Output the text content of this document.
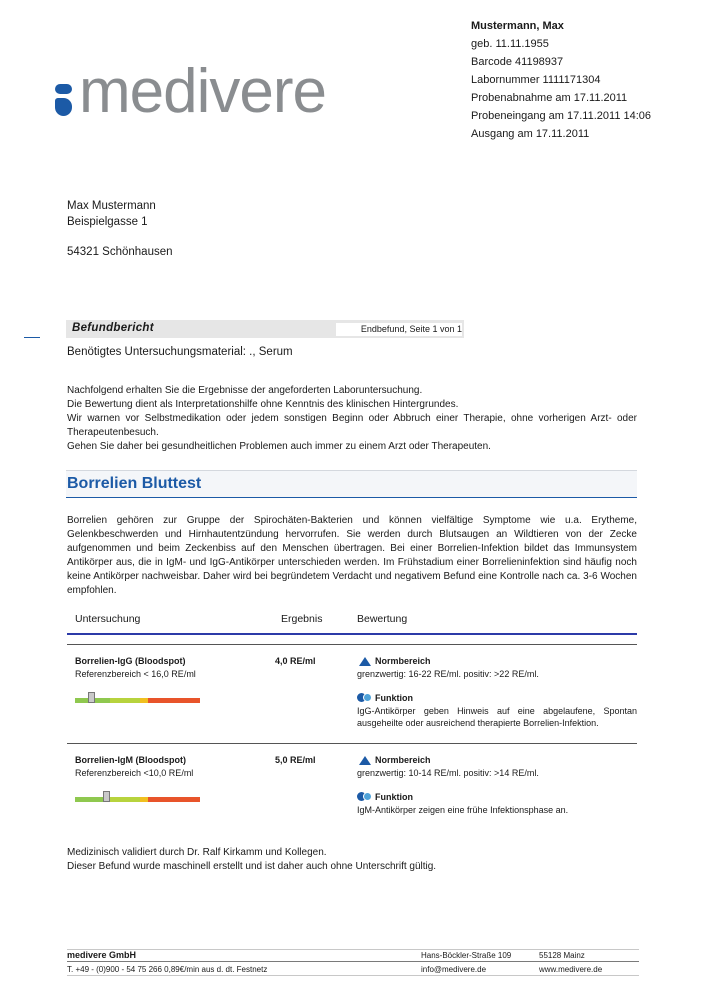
Mustermann, Max
geb. 11.11.1955
Barcode 41198937
Labornummer 1111171304
Probenabnahme am 17.11.2011
Probeneingang am 17.11.2011 14:06
Ausgang am 17.11.2011
medivere
Max Mustermann
Beispielgasse 1
54321 Schönhausen
Befundbericht	Endbefund, Seite 1 von 1
Benötigtes Untersuchungsmaterial: ., Serum
Nachfolgend erhalten Sie die Ergebnisse der angeforderten Laboruntersuchung.
Die Bewertung dient als Interpretationshilfe ohne Kenntnis des klinischen Hintergrundes.
Wir warnen vor Selbstmedikation oder jedem sonstigen Beginn oder Abbruch einer Therapie, ohne vorherigen Arzt- oder Therapeutenbesuch.
Gehen Sie daher bei gesundheitlichen Problemen auch immer zu einem Arzt oder Therapeuten.
Borrelien Bluttest
Borrelien gehören zur Gruppe der Spirochäten-Bakterien und können vielfältige Symptome wie u.a. Erytheme, Gelenkbeschwerden und Hirnhautentzündung hervorrufen. Sie werden durch Blutsaugen an Wildtieren von der Zecke aufgenommen und beim Zeckenbiss auf den Menschen übertragen. Bei einer Borrelien-Infektion bildet das Immunsystem Antikörper aus, die in IgM- und IgG-Antikörper unterschieden werden. Im Frühstadium einer Borrelieninfektion sind häufig noch keine Antikörper nachweisbar. Daher wird bei begründetem Verdacht und negativem Befund eine Kontrolle nach ca. 3-6 Wochen empfohlen.
Untersuchung	Ergebnis	Bewertung
Borrelien-IgG (Bloodspot)
Referenzbereich < 16,0 RE/ml
4,0 RE/ml	Normbereich
grenzwertig: 16-22 RE/ml. positiv: >22 RE/ml.
Funktion
IgG-Antikörper geben Hinweis auf eine abgelaufene, Spontan ausgeheilte oder ausreichend therapierte Borrelien-Infektion.
Borrelien-IgM (Bloodspot)
Referenzbereich <10,0 RE/ml
5,0 RE/ml	Normbereich
grenzwertig: 10-14 RE/ml. positiv: >14 RE/ml.
Funktion
IgM-Antikörper zeigen eine frühe Infektionsphase an.
Medizinisch validiert durch Dr. Ralf Kirkamm und Kollegen.
Dieser Befund wurde maschinell erstellt und ist daher auch ohne Unterschrift gültig.
medivere GmbH	Hans-Böckler-Straße 109	55128 Mainz
T. +49 - (0)900 - 54 75 266 0,89€/min aus d. dt. Festnetz	info@medivere.de	www.medivere.de
